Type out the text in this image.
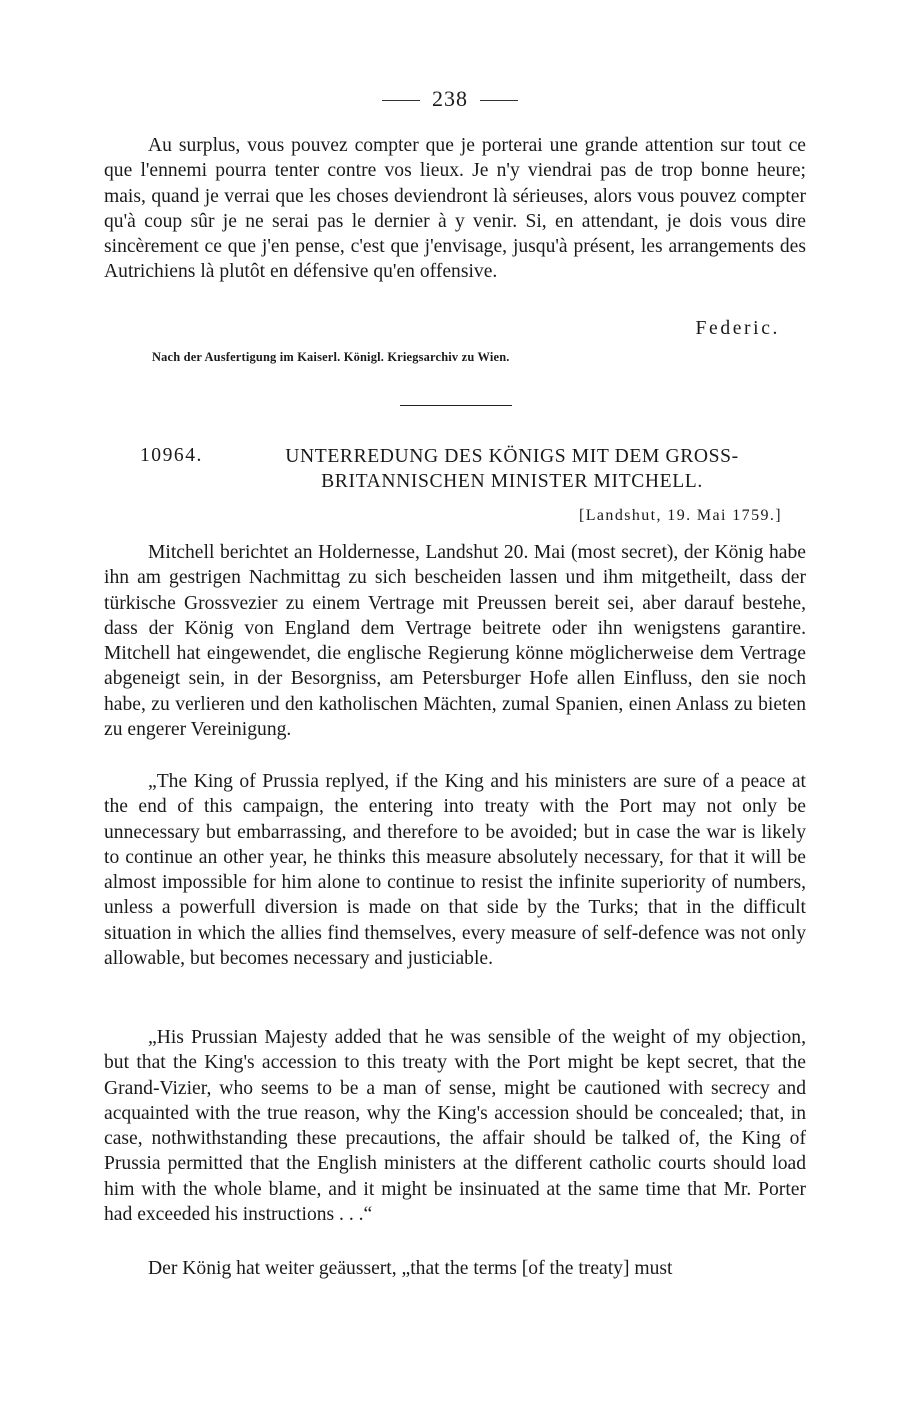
238

Au surplus, vous pouvez compter que je porterai une grande attention sur tout ce que l'ennemi pourra tenter contre vos lieux. Je n'y viendrai pas de trop bonne heure; mais, quand je verrai que les choses deviendront là sérieuses, alors vous pouvez compter qu'à coup sûr je ne serai pas le dernier à y venir. Si, en attendant, je dois vous dire sincèrement ce que j'en pense, c'est que j'envisage, jusqu'à présent, les arrangements des Autrichiens là plutôt en défensive qu'en offensive.

Federic.
Nach der Ausfertigung im Kaiserl. Königl. Kriegsarchiv zu Wien.
10964.	UNTERREDUNG DES KÖNIGS MIT DEM GROSS-BRITANNISCHEN MINISTER MITCHELL.

[Landshut, 19. Mai 1759.]

Mitchell berichtet an Holdernesse, Landshut 20. Mai (most secret), der König habe ihn am gestrigen Nachmittag zu sich bescheiden lassen und ihm mitgetheilt, dass der türkische Grossvezier zu einem Vertrage mit Preussen bereit sei, aber darauf bestehe, dass der König von England dem Vertrage beitrete oder ihn wenigstens garantire. Mitchell hat eingewendet, die englische Regierung könne möglicherweise dem Vertrage abgeneigt sein, in der Besorgniss, am Petersburger Hofe allen Einfluss, den sie noch habe, zu verlieren und den katholischen Mächten, zumal Spanien, einen Anlass zu bieten zu engerer Vereinigung.

„The King of Prussia replyed, if the King and his ministers are sure of a peace at the end of this campaign, the entering into treaty with the Port may not only be unnecessary but embarrassing, and therefore to be avoided; but in case the war is likely to continue an other year, he thinks this measure absolutely necessary, for that it will be almost impossible for him alone to continue to resist the infinite superiority of numbers, unless a powerfull diversion is made on that side by the Turks; that in the difficult situation in which the allies find themselves, every measure of self-defence was not only allowable, but becomes necessary and justiciable.

„His Prussian Majesty added that he was sensible of the weight of my objection, but that the King's accession to this treaty with the Port might be kept secret, that the Grand-Vizier, who seems to be a man of sense, might be cautioned with secrecy and acquainted with the true reason, why the King's accession should be concealed; that, in case, nothwithstanding these precautions, the affair should be talked of, the King of Prussia permitted that the English ministers at the different catholic courts should load him with the whole blame, and it might be insinuated at the same time that Mr. Porter had exceeded his instructions . . .“

Der König hat weiter geäussert, „that the terms [of the treaty] must
